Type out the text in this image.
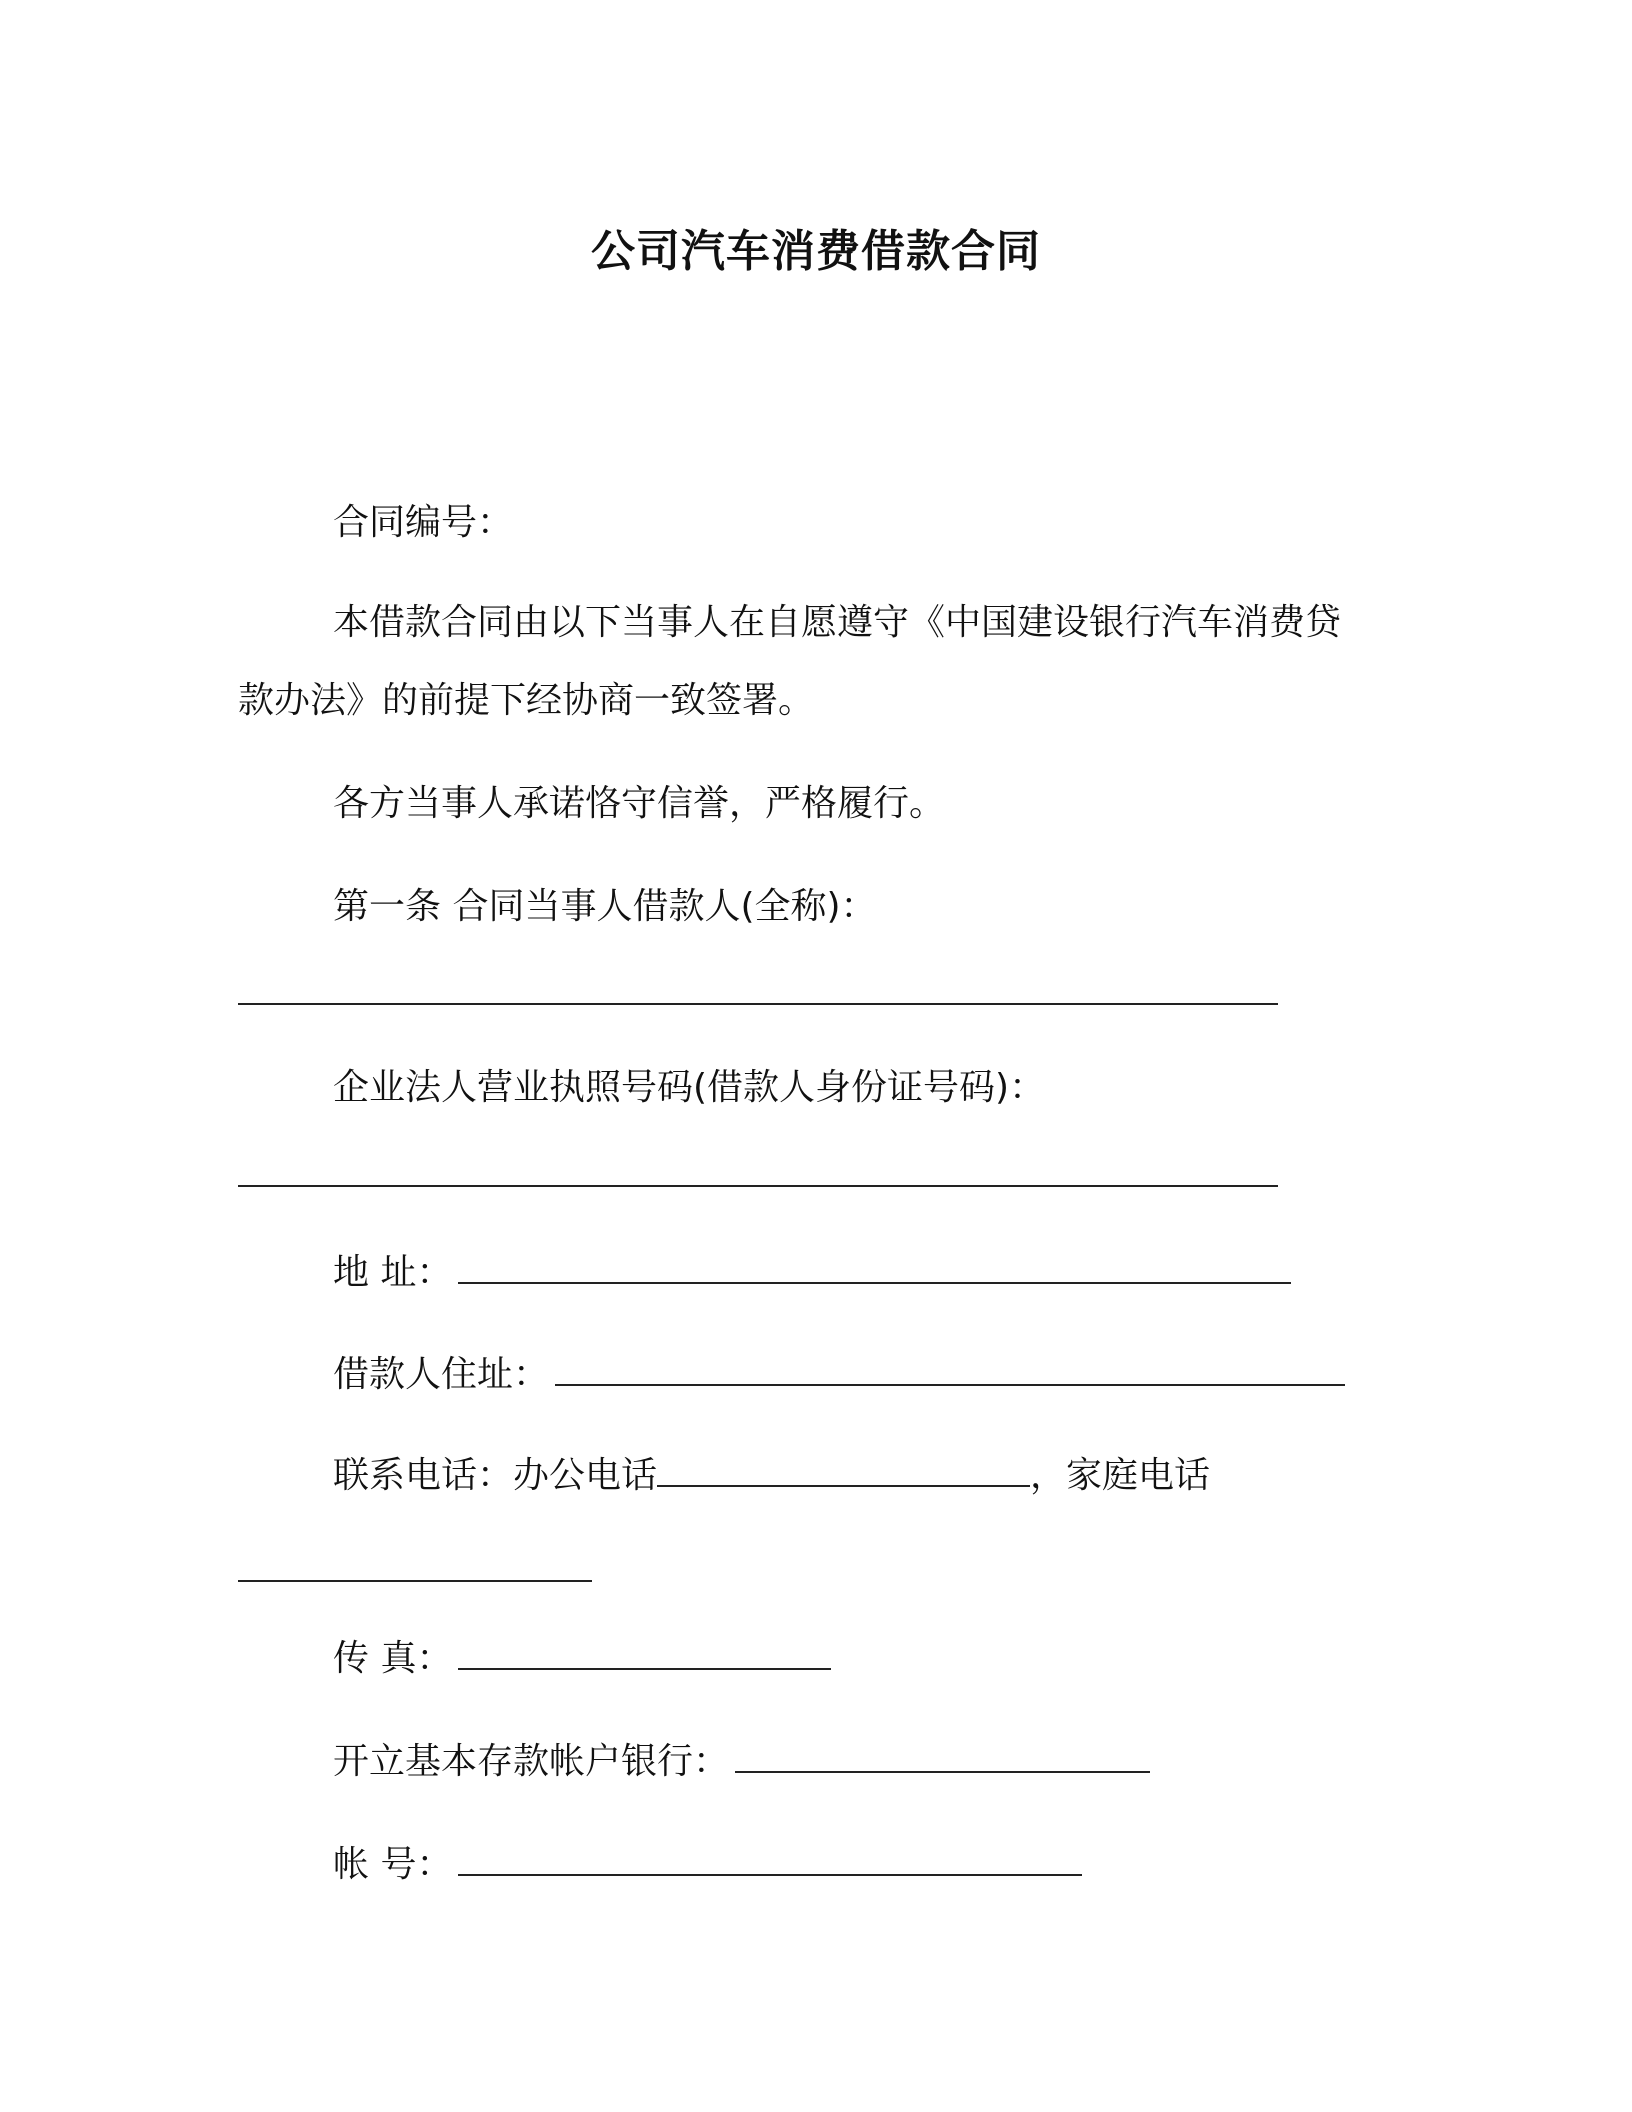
公司汽车消费借款合同
合同编号：
本借款合同由以下当事人在自愿遵守《中国建设银行汽车消费贷
款办法》的前提下经协商一致签署。
各方当事人承诺恪守信誉，严格履行。
第一条 合同当事人借款人(全称)：
企业法人营业执照号码(借款人身份证号码)：
地 址：
借款人住址：
联系电话：办公电话	，家庭电话
传 真：
开立基本存款帐户银行：
帐 号：
